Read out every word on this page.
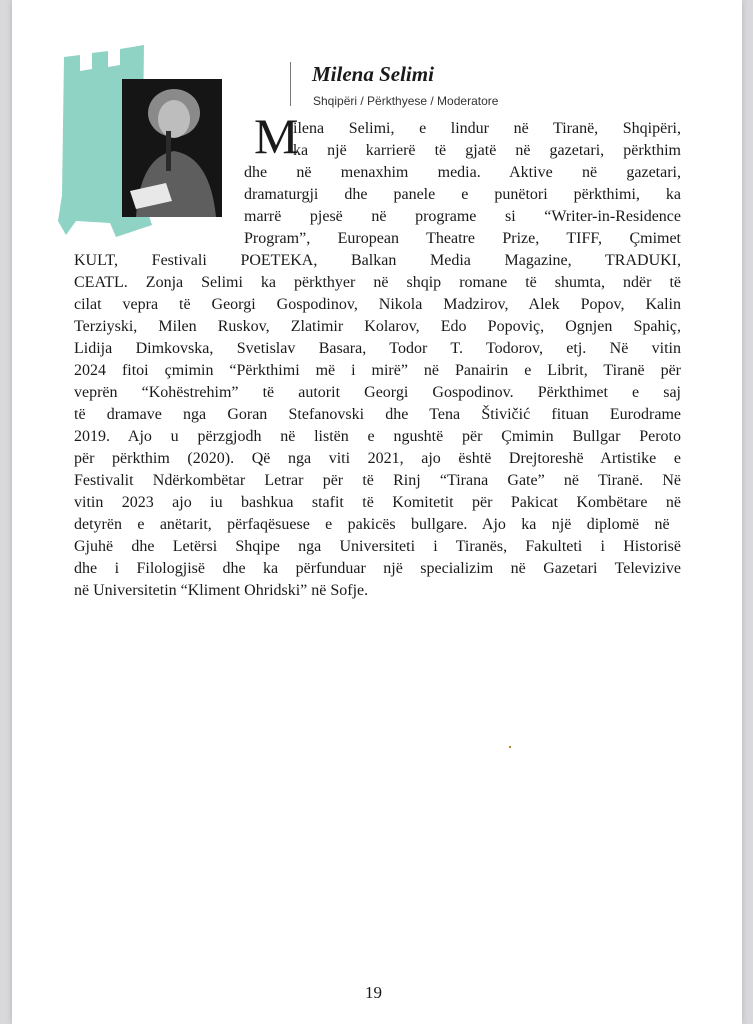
Milena Selimi
Shqipëri / Përkthyese / Moderatore
M
ilena Selimi, e lindur në Tiranë, Shqipëri,
ka një karrierë të gjatë në gazetari, përkthim
dhe në menaxhim media. Aktive në gazetari,
dramaturgji dhe panele e punëtori përkthimi, ka
marrë pjesë në programe si “Writer-in-Residence
Program”, European Theatre Prize, TIFF, Çmimet
KULT, Festivali POETEKA, Balkan Media Magazine, TRADUKI,
CEATL. Zonja Selimi ka përkthyer në shqip romane të shumta, ndër të
cilat vepra të Georgi Gospodinov, Nikola Madzirov, Alek Popov, Kalin
Terziyski, Milen Ruskov, Zlatimir Kolarov, Edo Popoviç, Ognjen Spahiç,
Lidija Dimkovska, Svetislav Basara, Todor T. Todorov, etj. Në vitin
2024 fitoi çmimin “Përkthimi më i mirë” në Panairin e Librit, Tiranë për
veprën “Kohëstrehim” të autorit Georgi Gospodinov. Përkthimet e saj
të dramave nga Goran Stefanovski dhe Tena Štivičić fituan Eurodrame
2019. Ajo u përzgjodh në listën e ngushtë për Çmimin Bullgar Peroto
për përkthim (2020). Që nga viti 2021, ajo është Drejtoreshë Artistike e
Festivalit Ndërkombëtar Letrar për të Rinj “Tirana Gate” në Tiranë. Në
vitin 2023 ajo iu bashkua stafit të Komitetit për Pakicat Kombëtare në
detyrën e anëtarit, përfaqësuese e pakicës bullgare. Ajo ka një diplomë në
Gjuhë dhe Letërsi Shqipe nga Universiteti i Tiranës, Fakulteti i Historisë
dhe i Filologjisë dhe ka përfunduar një specializim në Gazetari Televizive
në Universitetin “Kliment Ohridski” në Sofje.
19
